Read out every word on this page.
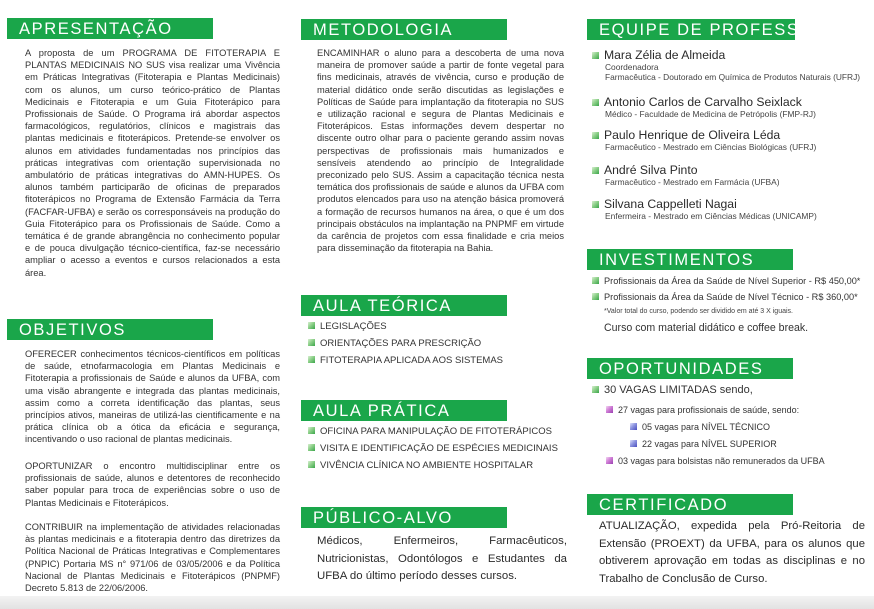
APRESENTAÇÃO
A proposta de um PROGRAMA DE FITOTERAPIA E PLANTAS MEDICINAIS NO SUS visa realizar uma Vivência em Práticas Integrativas (Fitoterapia e Plantas Medicinais) com os alunos, um curso teórico-prático de Plantas Medicinais e Fitoterapia e um Guia Fitoterápico para Profissionais de Saúde. O Programa irá abordar aspectos farmacológicos, regulatórios, clínicos e magistrais das plantas medicinais e fitoterápicos. Pretende-se envolver os alunos em atividades fundamentadas nos princípios das práticas integrativas com orientação supervisionada no ambulatório de práticas integrativas do AMN-HUPES. Os alunos também participarão de oficinas de preparados fitoterápicos no Programa de Extensão Farmácia da Terra (FACFAR-UFBA) e serão os corresponsáveis na produção do Guia Fitoterápico para os Profissionais de Saúde. Como a temática é de grande abrangência no conhecimento popular e de pouca divulgação técnico-científica, faz-se necessário ampliar o acesso a eventos e cursos relacionados a esta área.
OBJETIVOS
OFERECER conhecimentos técnicos-científicos em políticas de saúde, etnofarmacologia em Plantas Medicinais e Fitoterapia a profissionais de Saúde e alunos da UFBA, com uma visão abrangente e integrada das plantas medicinais, assim como a correta identificação das plantas, seus princípios ativos, maneiras de utilizá-las cientificamente e na prática clínica ob a ótica da eficácia e segurança, incentivando o uso racional de plantas medicinais.
OPORTUNIZAR o encontro multidisciplinar entre os profissionais de saúde, alunos e detentores de reconhecido saber popular para troca de experiências sobre o uso de Plantas Medicinais e Fitoterápicos.
CONTRIBUIR na implementação de atividades relacionadas às plantas medicinais e a fitoterapia dentro das diretrizes da Política Nacional de Práticas Integrativas e Complementares (PNPIC) Portaria MS n° 971/06 de 03/05/2006 e da Política Nacional de Plantas Medicinais e Fitoterápicos (PNPMF) Decreto 5.813 de 22/06/2006.
METODOLOGIA
ENCAMINHAR o aluno para a descoberta de uma nova maneira de promover saúde a partir de fonte vegetal para fins medicinais, através de vivência, curso e produção de material didático onde serão discutidas as legislações e Políticas de Saúde para implantação da fitoterapia no SUS e utilização racional e segura de Plantas Medicinais e Fitoterápicos. Estas informações devem despertar no discente outro olhar para o paciente gerando assim novas perspectivas de profissionais mais humanizados e sensíveis atendendo ao princípio de Integralidade preconizado pelo SUS. Assim a capacitação técnica nesta temática dos profissionais de saúde e alunos da UFBA com produtos elencados para uso na atenção básica promoverá a formação de recursos humanos na área, o que é um dos principais obstáculos na implantação na PNPMF em virtude da carência de projetos com essa finalidade e cria meios para disseminação da fitoterapia na Bahia.
AULA TEÓRICA
LEGISLAÇÕES
ORIENTAÇÕES PARA PRESCRIÇÃO
FITOTERAPIA APLICADA AOS SISTEMAS
AULA PRÁTICA
OFICINA PARA MANIPULAÇÃO DE FITOTERÁPICOS
VISITA E IDENTIFICAÇÃO DE ESPÉCIES MEDICINAIS
VIVÊNCIA CLÍNICA NO AMBIENTE HOSPITALAR
PÚBLICO-ALVO
Médicos, Enfermeiros, Farmacêuticos, Nutricionistas, Odontólogos e Estudantes da UFBA do último período desses cursos.
EQUIPE DE PROFESSORES
Mara Zélia de Almeida
Coordenadora
Farmacêutica - Doutorado em Química de Produtos Naturais (UFRJ)
Antonio Carlos de Carvalho Seixlack
Médico - Faculdade de Medicina de Petrópolis (FMP-RJ)
Paulo Henrique de Oliveira Léda
Farmacêutico - Mestrado em Ciências Biológicas (UFRJ)
André Silva Pinto
Farmacêutico - Mestrado em Farmácia (UFBA)
Silvana Cappelleti Nagai
Enfermeira - Mestrado em Ciências Médicas (UNICAMP)
INVESTIMENTOS
Profissionais da Área da Saúde de Nível Superior - R$ 450,00*
Profissionais da Área da Saúde de Nível Técnico - R$ 360,00*
*Valor total do curso, podendo ser dividido em até 3 X iguais.
Curso com material didático e coffee break.
OPORTUNIDADES
30 VAGAS LIMITADAS sendo,
27 vagas para profissionais de saúde, sendo:
05 vagas para NÍVEL TÉCNICO
22 vagas para NÍVEL SUPERIOR
03 vagas para bolsistas não remunerados da UFBA
CERTIFICADO
ATUALIZAÇÃO, expedida pela Pró-Reitoria de Extensão (PROEXT) da UFBA, para os alunos que obtiverem aprovação em todas as disciplinas e no Trabalho de Conclusão de Curso.
